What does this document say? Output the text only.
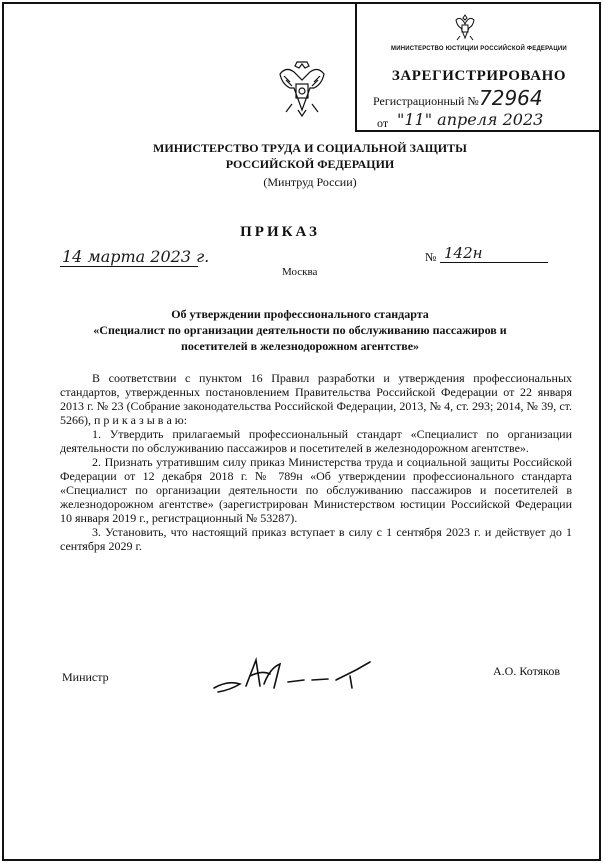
МИНИСТЕРСТВО ЮСТИЦИИ РОССИЙСКОЙ ФЕДЕРАЦИИ
ЗАРЕГИСТРИРОВАНО
Регистрационный № 72964
от "11" апреля 2023
МИНИСТЕРСТВО ТРУДА И СОЦИАЛЬНОЙ ЗАЩИТЫ
РОССИЙСКОЙ ФЕДЕРАЦИИ
(Минтруд России)
ПРИКАЗ
14 марта 2023 г.
Москва
№ 142н
Об утверждении профессионального стандарта
«Специалист по организации деятельности по обслуживанию пассажиров и
посетителей в железнодорожном агентстве»

В соответствии с пунктом 16 Правил разработки и утверждения профессиональных стандартов, утвержденных постановлением Правительства Российской Федерации от 22 января 2013 г. № 23 (Собрание законодательства Российской Федерации, 2013, № 4, ст. 293; 2014, № 39, ст. 5266), п р и к а з ы в а ю:

1. Утвердить прилагаемый профессиональный стандарт «Специалист по организации деятельности по обслуживанию пассажиров и посетителей в железнодорожном агентстве».

2. Признать утратившим силу приказ Министерства труда и социальной защиты Российской Федерации от 12 декабря 2018 г. № 789н «Об утверждении профессионального стандарта «Специалист по организации деятельности по обслуживанию пассажиров и посетителей в железнодорожном агентстве» (зарегистрирован Министерством юстиции Российской Федерации 10 января 2019 г., регистрационный № 53287).

3. Установить, что настоящий приказ вступает в силу с 1 сентября 2023 г. и действует до 1 сентября 2029 г.

Министр	А.О. Котяков
